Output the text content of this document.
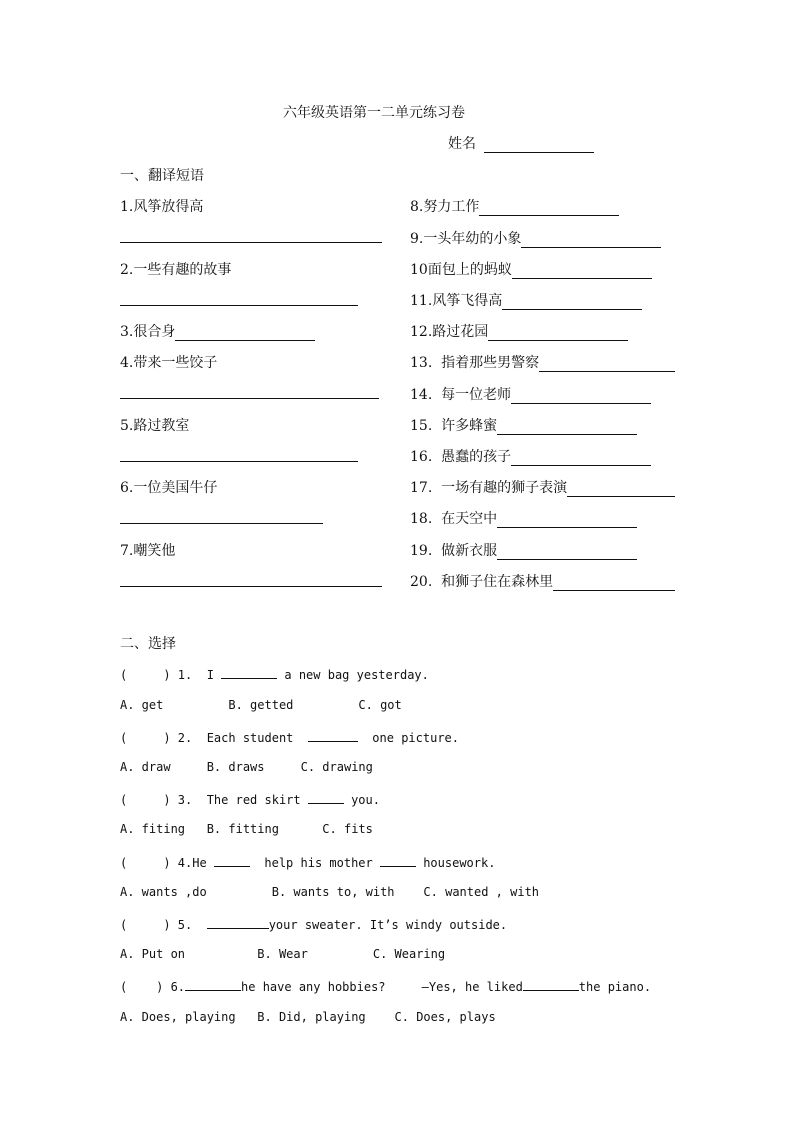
六年级英语第一二单元练习卷
姓名
一、翻译短语
1.风筝放得高
2.一些有趣的故事
3.很合身
4.带来一些饺子
5.路过教室
6.一位美国牛仔
7.嘲笑他
8.努力工作
9.一头年幼的小象
10面包上的蚂蚁
11.风筝飞得高
12.路过花园
13.  指着那些男警察
14.  每一位老师
15.  许多蜂蜜
16.  愚蠢的孩子
17.  一场有趣的狮子表演
18.  在天空中
19.  做新衣服
20.  和狮子住在森林里
二、选择
(     ) 1.  I	a new bag yesterday.
A. get         B. getted         C. got
(     ) 2.  Each student	one picture.
A. draw     B. draws     C. drawing
(     ) 3.  The red skirt	you.
A. fiting   B. fitting      C. fits
(     ) 4.He	help his mother	housework.
A. wants ,do         B. wants to, with    C. wanted , with
(     ) 5.	your sweater. It’s windy outside.
A. Put on          B. Wear         C. Wearing
(    ) 6.	he have any hobbies?     —Yes, he liked	the piano.
A. Does, playing   B. Did, playing    C. Does, plays
